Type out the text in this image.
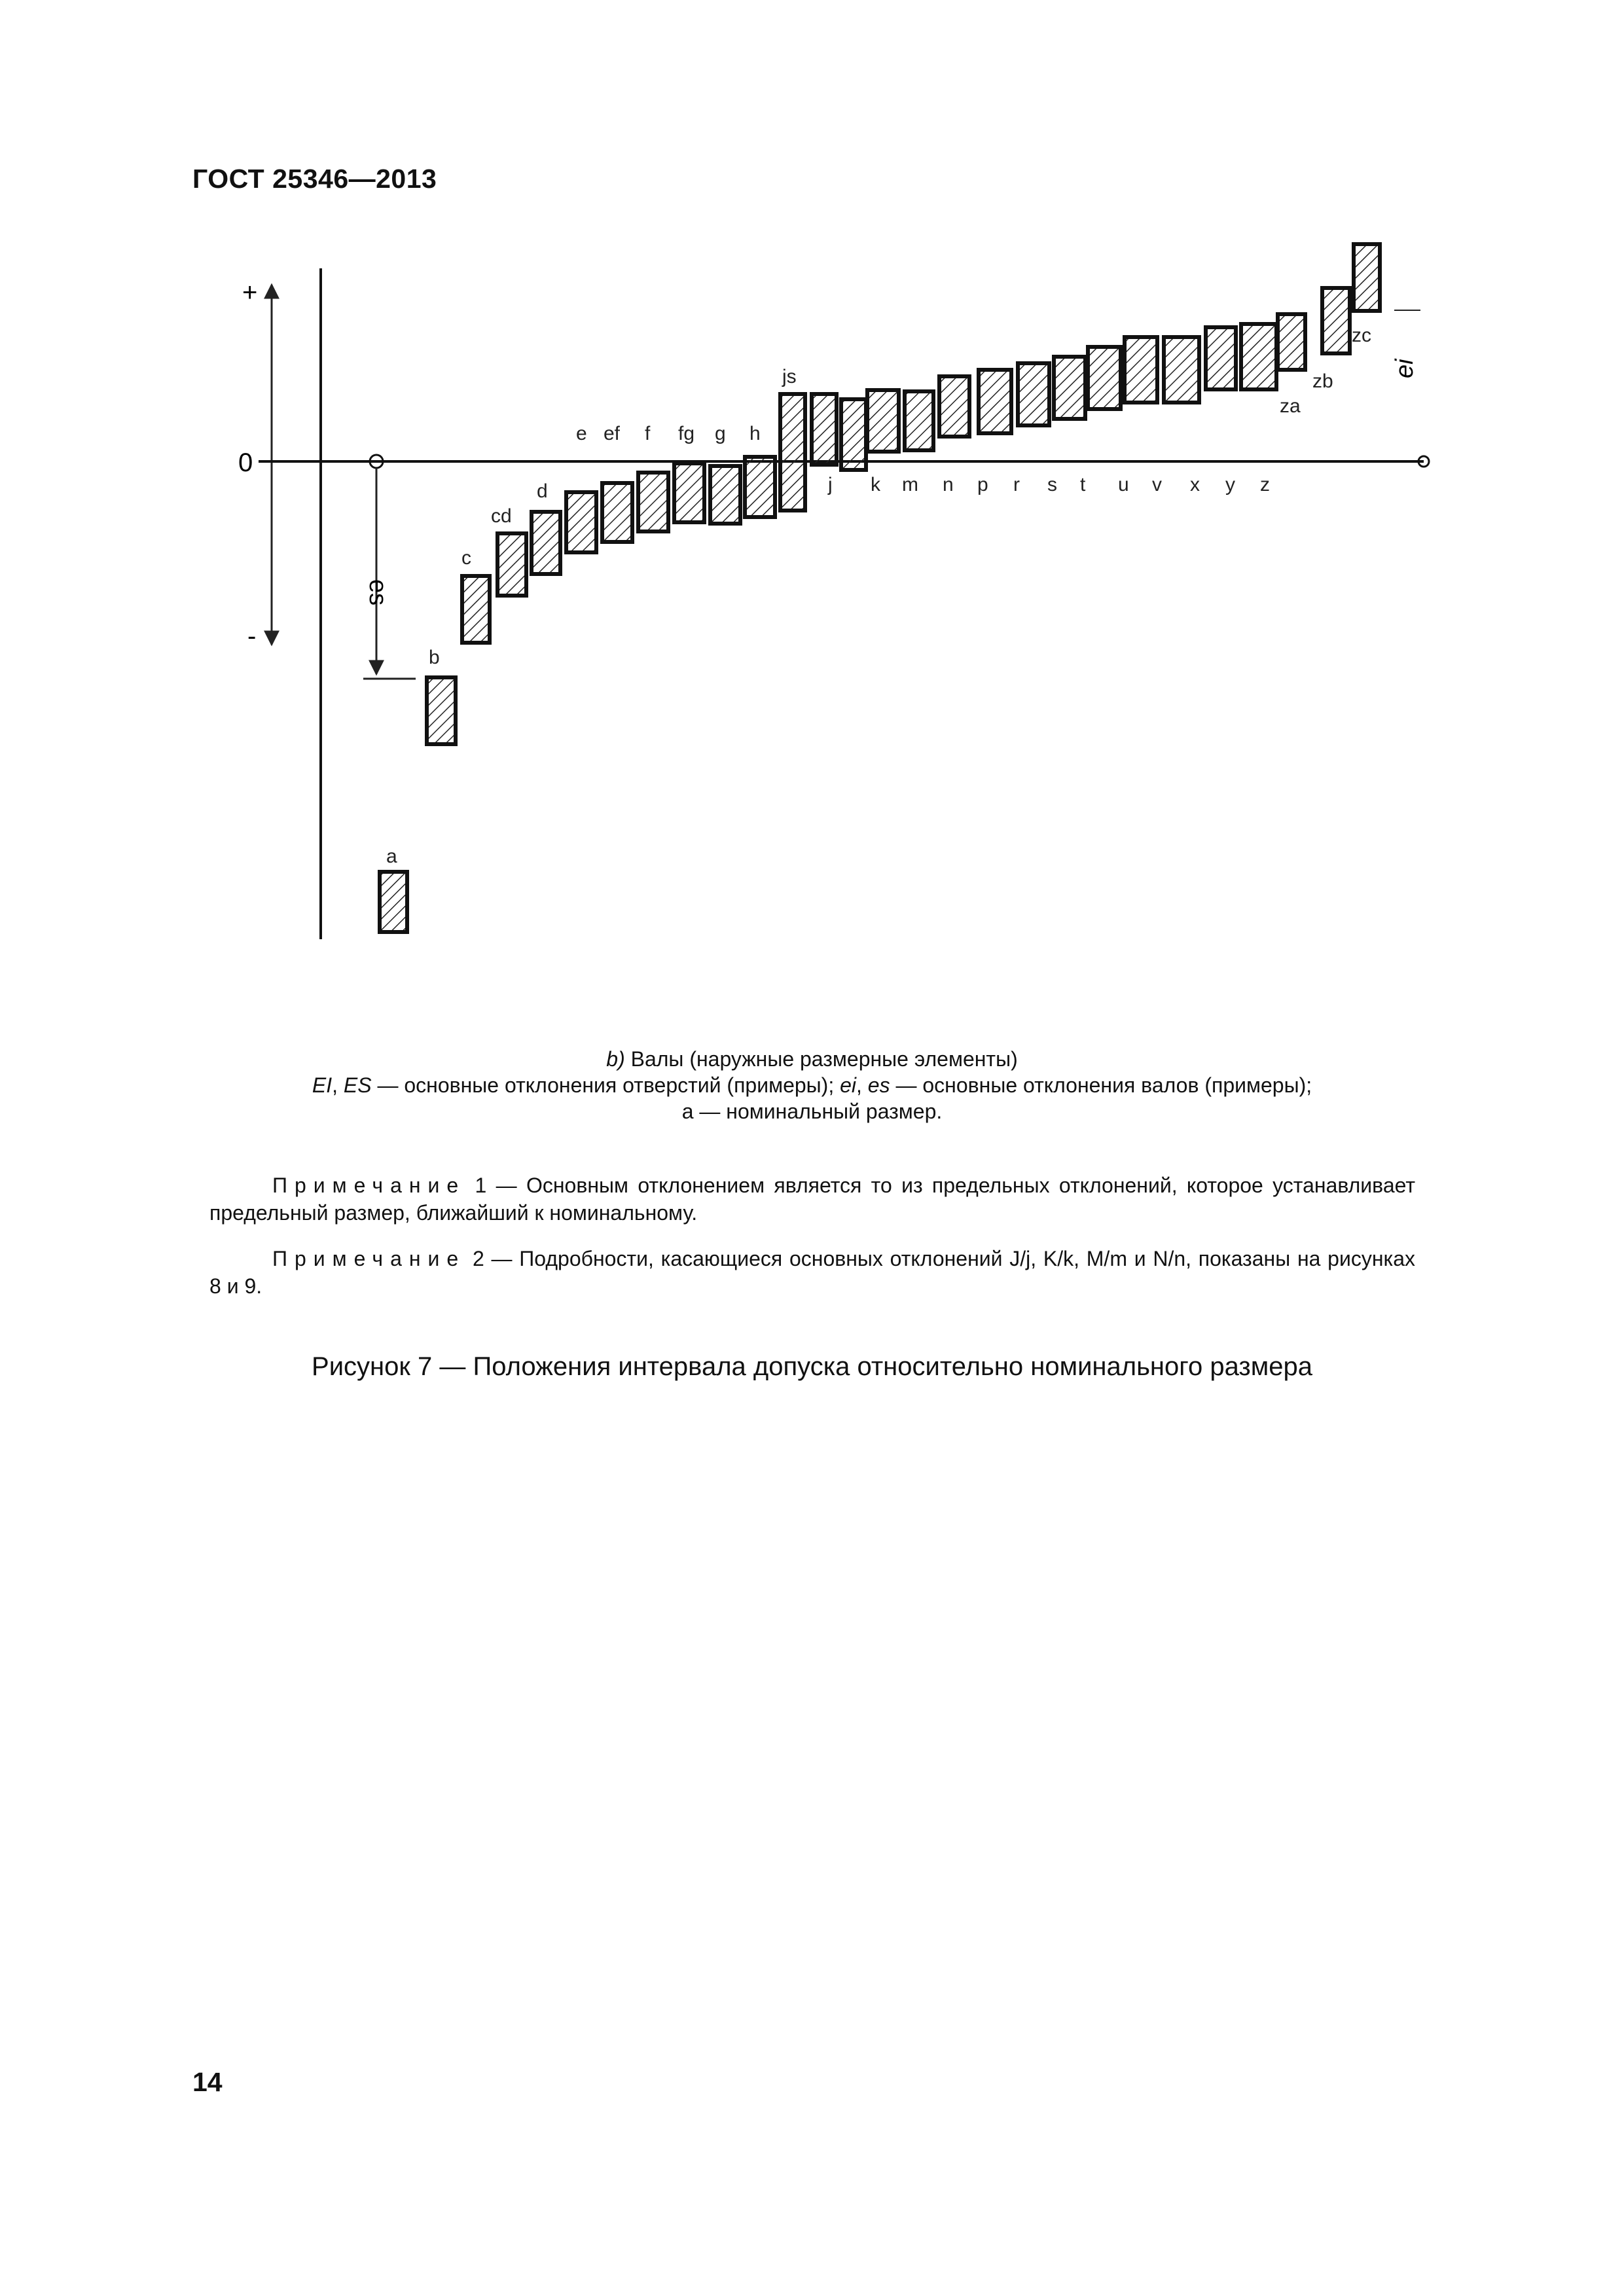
ГОСТ 25346—2013
+
-
0
es
ei
a
b
c
cd
d
e ef f fg g h
js
j k m n p r s t u v x y z
za
zb
zc
b) Валы (наружные размерные элементы)
EI, ES — основные отклонения отверстий (примеры); ei, es — основные отклонения валов (примеры);
a — номинальный размер.
Примечание 1 — Основным отклонением является то из предельных отклонений, которое устанавливает предельный размер, ближайший к номинальному.
Примечание 2 — Подробности, касающиеся основных отклонений J/j, K/k, M/m и N/n, показаны на рисунках 8 и 9.
Рисунок 7 — Положения интервала допуска относительно номинального размера
14
